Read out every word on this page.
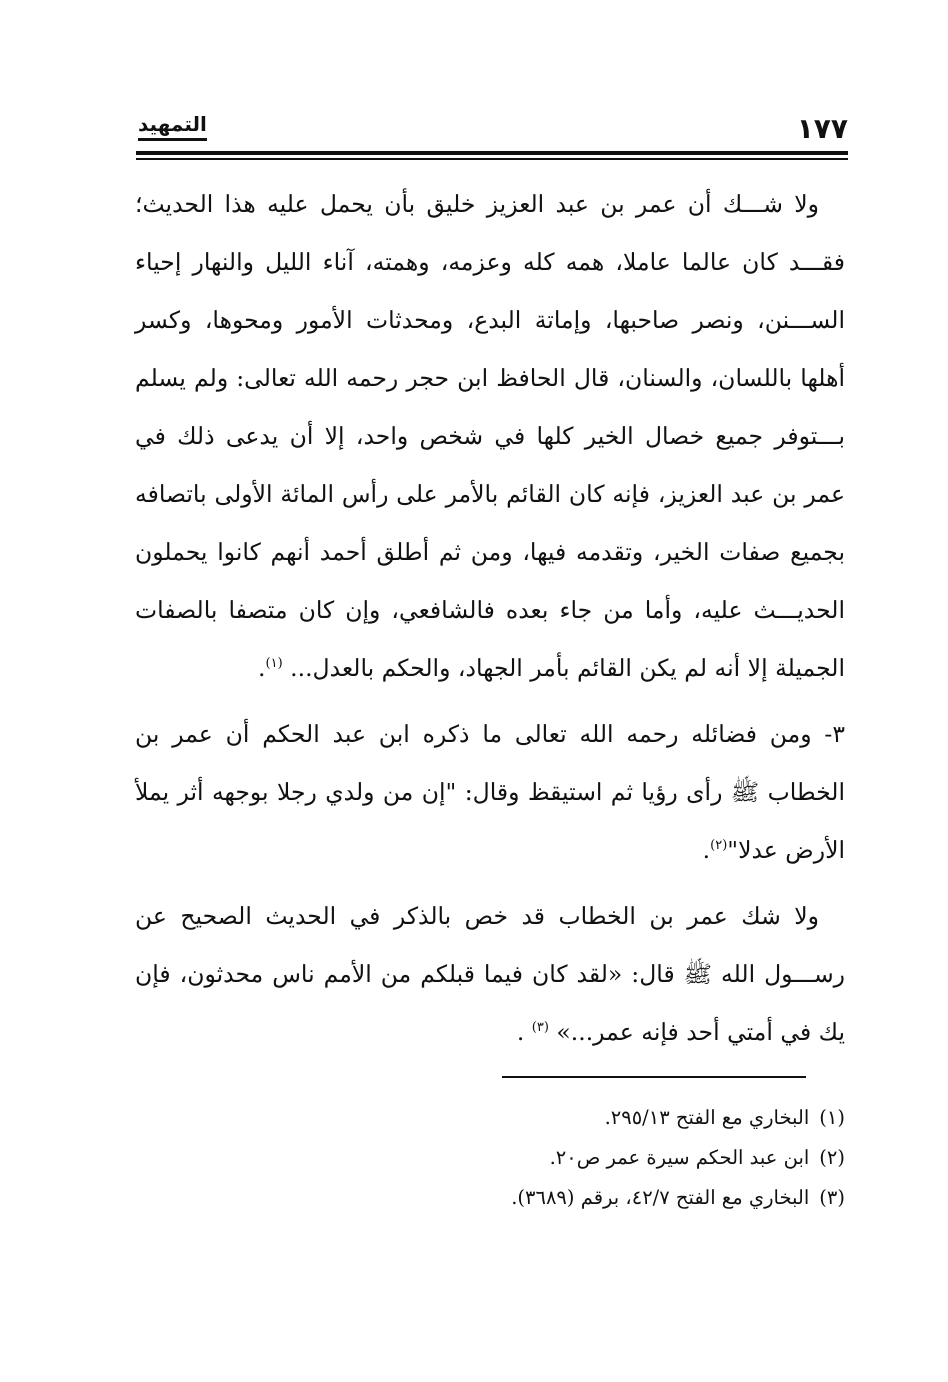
١٧٧
التمهيد

ولا شـــك أن عمر بن عبد العزيز خليق بأن يحمل عليه هذا الحديث؛ فقـــد كان عالما عاملا، همه كله وعزمه، وهمته، آناء الليل والنهار إحياء الســـنن، ونصر صاحبها، وإماتة البدع، ومحدثات الأمور ومحوها، وكسر أهلها باللسان، والسنان، قال الحافظ ابن حجر رحمه الله تعالى: ولم يسلم بـــتوفر جميع خصال الخير كلها في شخص واحد، إلا أن يدعى ذلك في عمر بن عبد العزيز، فإنه كان القائم بالأمر على رأس المائة الأولى باتصافه بجميع صفات الخير، وتقدمه فيها، ومن ثم أطلق أحمد أنهم كانوا يحملون الحديـــث عليه، وأما من جاء بعده فالشافعي، وإن كان متصفا بالصفات الجميلة إلا أنه لم يكن القائم بأمر الجهاد، والحكم بالعدل... $^{(١)}$.

٣- ومن فضائله رحمه الله تعالى ما ذكره ابن عبد الحكم أن عمر بن الخطاب ﷺ رأى رؤيا ثم استيقظ وقال: "إن من ولدي رجلا بوجهه أثر يملأ الأرض عدلا"$^{(٢)}$.

ولا شك عمر بن الخطاب قد خص بالذكر في الحديث الصحيح عن رســـول الله ﷺ قال: «لقد كان فيما قبلكم من الأمم ناس محدثون، فإن يك في أمتي أحد فإنه عمر...» $^{(٣)}$ .

(١)البخاري مع الفتح ٢٩٥/١٣.
(٢)ابن عبد الحكم سيرة عمر ص٢٠.
(٣)البخاري مع الفتح ٤٢/٧، برقم (٣٦٨٩).
